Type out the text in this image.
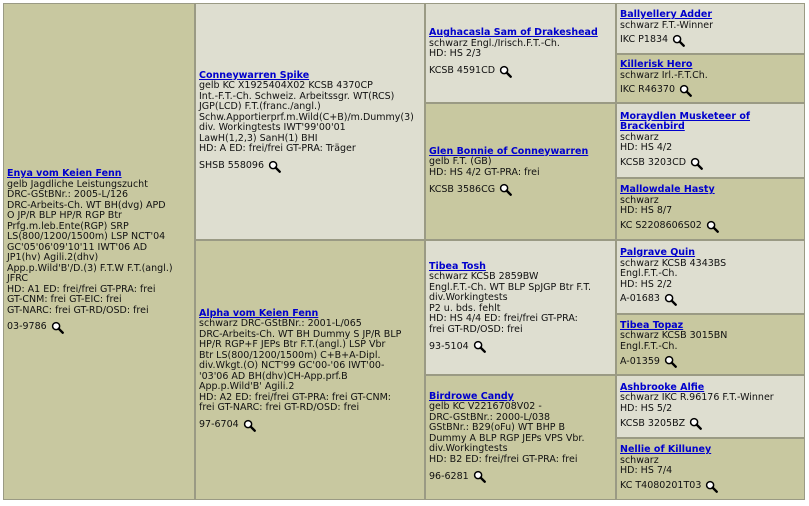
Enya vom Keien Fenn
gelb Jagdliche Leistungszucht
DRC-GStBNr.: 2005-L/126
DRC-Arbeits-Ch. WT BH(dvg) APD
O JP/R BLP HP/R RGP Btr
Prfg.m.leb.Ente(RGP) SRP
LS(800/1200/1500m) LSP NCT'04
GC'05'06'09'10'11 IWT'06 AD
JP1(hv) Agili.2(dhv)
App.p.Wild'B'/D.(3) F.T.W F.T.(angl.)
JFRC
HD: A1 ED: frei/frei GT-PRA: frei
GT-CNM: frei GT-EIC: frei
GT-NARC: frei GT-RD/OSD: frei
03-9786
Conneywarren Spike
gelb KC X1925404X02 KCSB 4370CP
Int.-F.T.-Ch. Schweiz. Arbeitssgr. WT(RCS)
JGP(LCD) F.T.(franc./angl.)
Schw.Apportierprf.m.Wild(C+B)/m.Dummy(3)
div. Workingtests IWT'99'00'01
LawH(1,2,3) SanH(1) BHI
HD: A ED: frei/frei GT-PRA: Träger
SHSB 558096
Alpha vom Keien Fenn
schwarz DRC-GStBNr.: 2001-L/065
DRC-Arbeits-Ch. WT BH Dummy S JP/R BLP
HP/R RGP+F JEPs Btr F.T.(angl.) LSP Vbr
Btr LS(800/1200/1500m) C+B+A-Dipl.
div.Wkgt.(O) NCT'99 GC'00-'06 IWT'00-
'03'06 AD BH(dhv)CH-App.prf.B
App.p.Wild'B' Agili.2
HD: A2 ED: frei/frei GT-PRA: frei GT-CNM:
frei GT-NARC: frei GT-RD/OSD: frei
97-6704
Aughacasla Sam of Drakeshead
schwarz Engl./Irisch.F.T.-Ch.
HD: HS 2/3
KCSB 4591CD
Glen Bonnie of Conneywarren
gelb F.T. (GB)
HD: HS 4/2 GT-PRA: frei
KCSB 3586CG
Tibea Tosh
schwarz KCSB 2859BW
Engl.F.T.-Ch. WT BLP SpJGP Btr F.T.
div.Workingtests
P2 u. bds. fehlt
HD: HS 4/4 ED: frei/frei GT-PRA:
frei GT-RD/OSD: frei
93-5104
Birdrowe Candy
gelb KC V2216708V02 -
DRC-GStBNr.: 2000-L/038
GStBNr.: B29(oFu) WT BHP B
Dummy A BLP RGP JEPs VPS Vbr.
div.Workingtests
HD: B2 ED: frei/frei GT-PRA: frei
96-6281
Ballyellery Adder
schwarz F.T.-Winner
IKC P1834
Killerisk Hero
schwarz Irl.-F.T.Ch.
IKC R46370
Moraydlen Musketeer of Brackenbird
schwarz
HD: HS 4/2
KCSB 3203CD
Mallowdale Hasty
schwarz
HD: HS 8/7
KC S2208606S02
Palgrave Quin
schwarz KCSB 4343BS
Engl.F.T.-Ch.
HD: HS 2/2
A-01683
Tibea Topaz
schwarz KCSB 3015BN
Engl.F.T.-Ch.
A-01359
Ashbrooke Alfie
schwarz IKC R.96176 F.T.-Winner
HD: HS 5/2
KCSB 3205BZ
Nellie of Killuney
schwarz
HD: HS 7/4
KC T4080201T03
